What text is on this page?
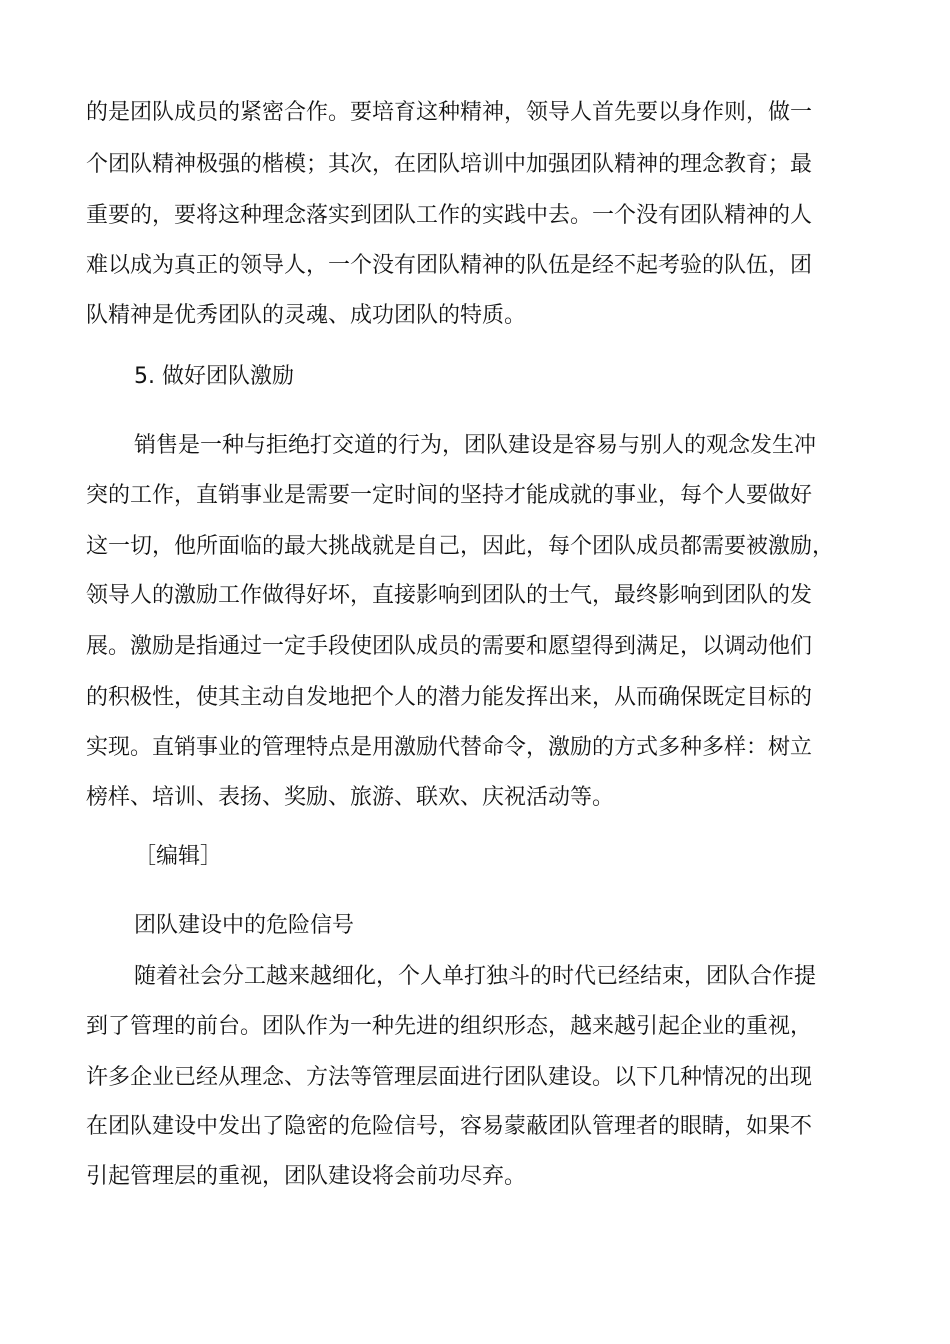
的是团队成员的紧密合作。要培育这种精神，领导人首先要以身作则，做一
个团队精神极强的楷模；其次，在团队培训中加强团队精神的理念教育；最
重要的，要将这种理念落实到团队工作的实践中去。一个没有团队精神的人
难以成为真正的领导人，一个没有团队精神的队伍是经不起考验的队伍，团
队精神是优秀团队的灵魂、成功团队的特质。
5. 做好团队激励
销售是一种与拒绝打交道的行为，团队建设是容易与别人的观念发生冲
突的工作，直销事业是需要一定时间的坚持才能成就的事业，每个人要做好
这一切，他所面临的最大挑战就是自己，因此，每个团队成员都需要被激励，
领导人的激励工作做得好坏，直接影响到团队的士气，最终影响到团队的发
展。激励是指通过一定手段使团队成员的需要和愿望得到满足，以调动他们
的积极性，使其主动自发地把个人的潜力能发挥出来，从而确保既定目标的
实现。直销事业的管理特点是用激励代替命令，激励的方式多种多样：树立
榜样、培训、表扬、奖励、旅游、联欢、庆祝活动等。
［编辑］
团队建设中的危险信号
随着社会分工越来越细化，个人单打独斗的时代已经结束，团队合作提
到了管理的前台。团队作为一种先进的组织形态，越来越引起企业的重视，
许多企业已经从理念、方法等管理层面进行团队建设。以下几种情况的出现
在团队建设中发出了隐密的危险信号，容易蒙蔽团队管理者的眼睛，如果不
引起管理层的重视，团队建设将会前功尽弃。
